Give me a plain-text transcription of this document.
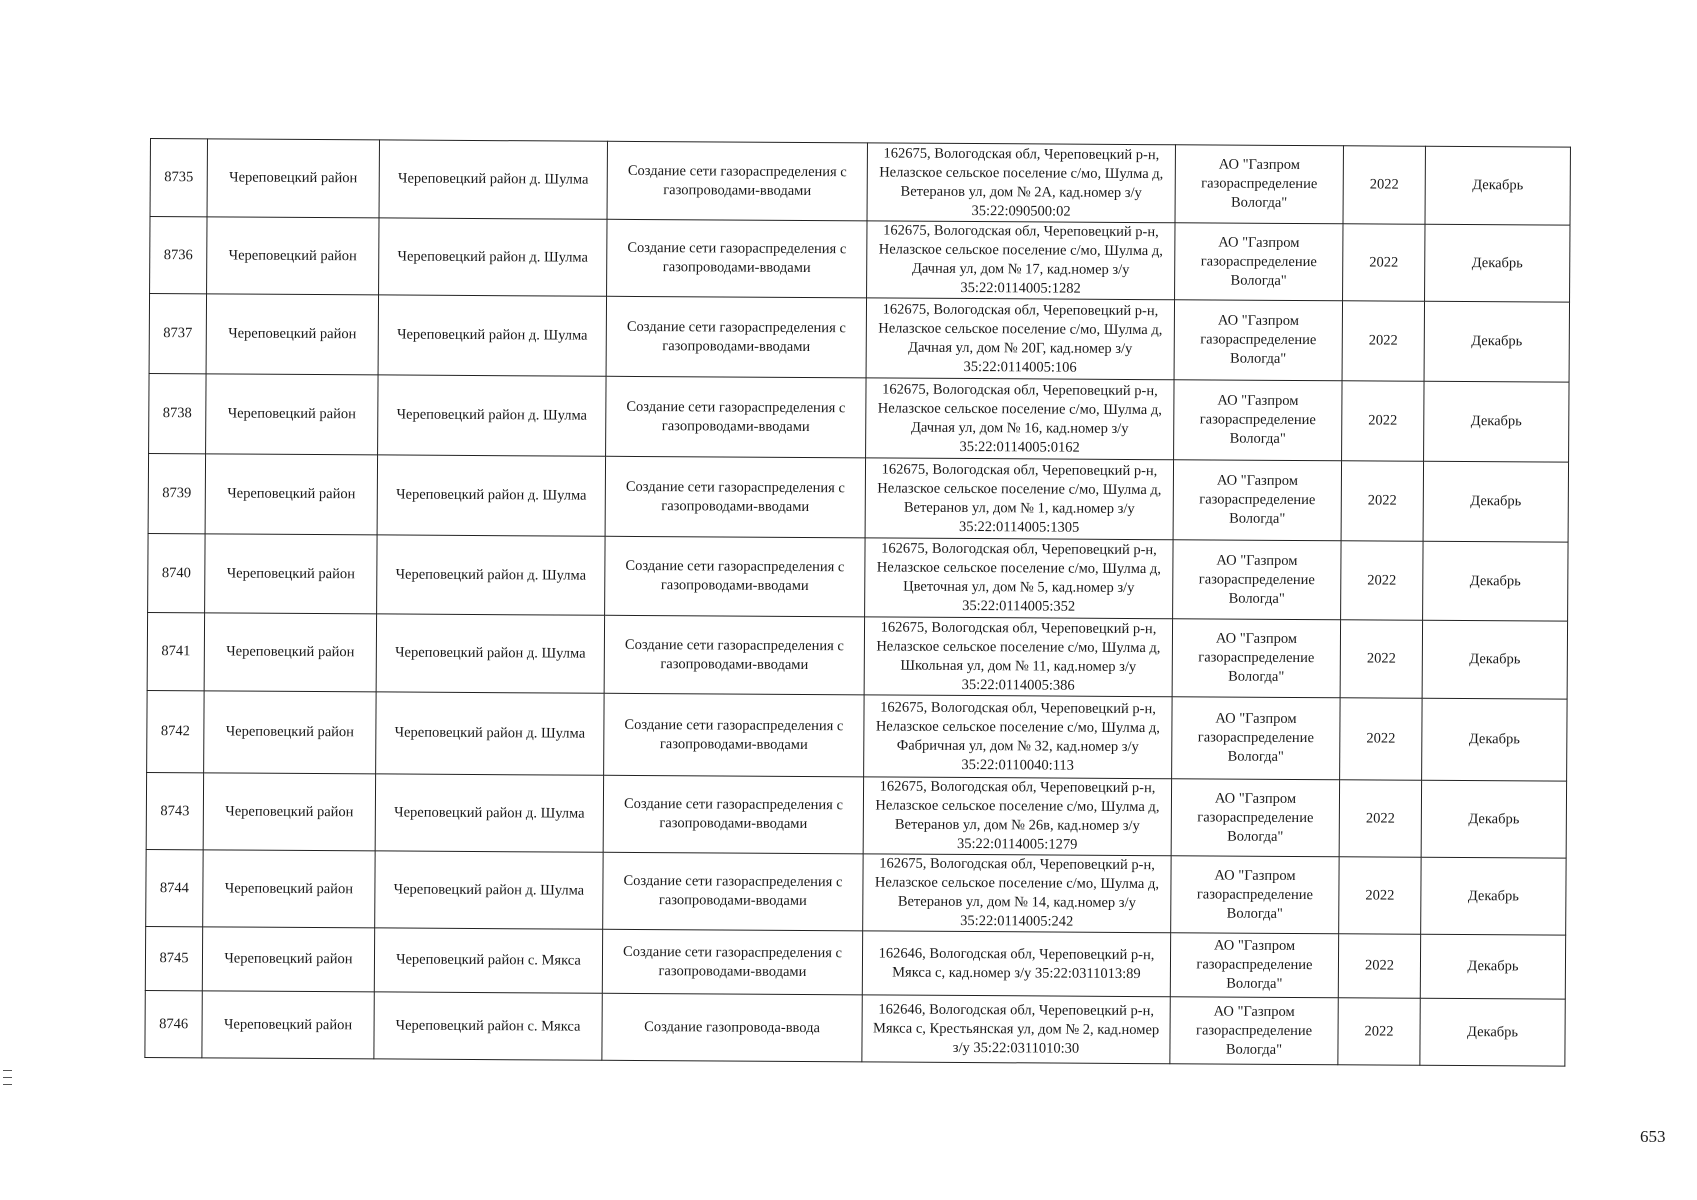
8735	Череповецкий район	Череповецкий район д. Шулма	Создание сети газораспределения с газопроводами-вводами	162675, Вологодская обл, Череповецкий р-н, Нелазское сельское поселение с/мо, Шулма д, Ветеранов ул, дом № 2А, кад.номер з/у 35:22:090500:02	АО "Газпром газораспределение Вологда"	2022	Декабрь
8736	Череповецкий район	Череповецкий район д. Шулма	Создание сети газораспределения с газопроводами-вводами	162675, Вологодская обл, Череповецкий р-н, Нелазское сельское поселение с/мо, Шулма д, Дачная ул, дом № 17, кад.номер з/у 35:22:0114005:1282	АО "Газпром газораспределение Вологда"	2022	Декабрь
8737	Череповецкий район	Череповецкий район д. Шулма	Создание сети газораспределения с газопроводами-вводами	162675, Вологодская обл, Череповецкий р-н, Нелазское сельское поселение с/мо, Шулма д, Дачная ул, дом № 20Г, кад.номер з/у 35:22:0114005:106	АО "Газпром газораспределение Вологда"	2022	Декабрь
8738	Череповецкий район	Череповецкий район д. Шулма	Создание сети газораспределения с газопроводами-вводами	162675, Вологодская обл, Череповецкий р-н, Нелазское сельское поселение с/мо, Шулма д, Дачная ул, дом № 16, кад.номер з/у 35:22:0114005:0162	АО "Газпром газораспределение Вологда"	2022	Декабрь
8739	Череповецкий район	Череповецкий район д. Шулма	Создание сети газораспределения с газопроводами-вводами	162675, Вологодская обл, Череповецкий р-н, Нелазское сельское поселение с/мо, Шулма д, Ветеранов ул, дом № 1, кад.номер з/у 35:22:0114005:1305	АО "Газпром газораспределение Вологда"	2022	Декабрь
8740	Череповецкий район	Череповецкий район д. Шулма	Создание сети газораспределения с газопроводами-вводами	162675, Вологодская обл, Череповецкий р-н, Нелазское сельское поселение с/мо, Шулма д, Цветочная ул, дом № 5, кад.номер з/у 35:22:0114005:352	АО "Газпром газораспределение Вологда"	2022	Декабрь
8741	Череповецкий район	Череповецкий район д. Шулма	Создание сети газораспределения с газопроводами-вводами	162675, Вологодская обл, Череповецкий р-н, Нелазское сельское поселение с/мо, Шулма д, Школьная ул, дом № 11, кад.номер з/у 35:22:0114005:386	АО "Газпром газораспределение Вологда"	2022	Декабрь
8742	Череповецкий район	Череповецкий район д. Шулма	Создание сети газораспределения с газопроводами-вводами	162675, Вологодская обл, Череповецкий р-н, Нелазское сельское поселение с/мо, Шулма д, Фабричная ул, дом № 32, кад.номер з/у 35:22:0110040:113	АО "Газпром газораспределение Вологда"	2022	Декабрь
8743	Череповецкий район	Череповецкий район д. Шулма	Создание сети газораспределения с газопроводами-вводами	162675, Вологодская обл, Череповецкий р-н, Нелазское сельское поселение с/мо, Шулма д, Ветеранов ул, дом № 26в, кад.номер з/у 35:22:0114005:1279	АО "Газпром газораспределение Вологда"	2022	Декабрь
8744	Череповецкий район	Череповецкий район д. Шулма	Создание сети газораспределения с газопроводами-вводами	162675, Вологодская обл, Череповецкий р-н, Нелазское сельское поселение с/мо, Шулма д, Ветеранов ул, дом № 14, кад.номер з/у 35:22:0114005:242	АО "Газпром газораспределение Вологда"	2022	Декабрь
8745	Череповецкий район	Череповецкий район с. Мякса	Создание сети газораспределения с газопроводами-вводами	162646, Вологодская обл, Череповецкий р-н, Мякса с, кад.номер з/у 35:22:0311013:89	АО "Газпром газораспределение Вологда"	2022	Декабрь
8746	Череповецкий район	Череповецкий район с. Мякса	Создание газопровода-ввода	162646, Вологодская обл, Череповецкий р-н, Мякса с, Крестьянская ул, дом № 2, кад.номер з/у 35:22:0311010:30	АО "Газпром газораспределение Вологда"	2022	Декабрь
653
